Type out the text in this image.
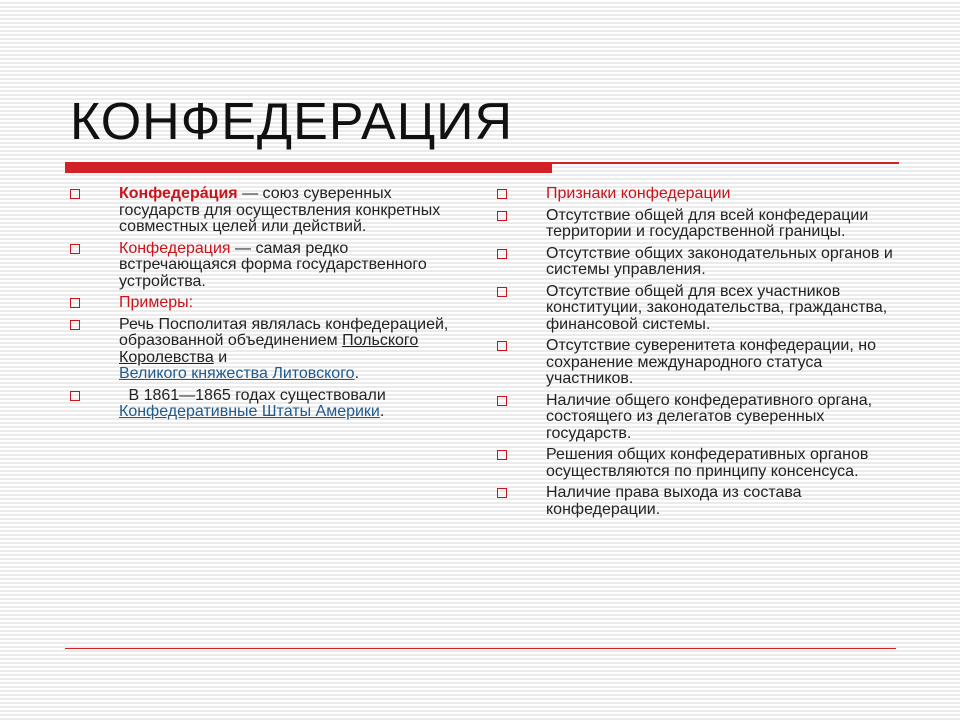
КОНФЕДЕРАЦИЯ
Конфедера́ция — союз суверенных государств для осуществления конкретных совместных целей или действий.
Конфедерация — самая редко встречающаяся форма государственного устройства.
Примеры:
Речь Посполитая являлась конфедерацией, образованной объединением Польского Королевства и
Великого княжества Литовского.
В 1861—1865 годах существовали
Конфедеративные Штаты Америки.
Признаки конфедерации
Отсутствие общей для всей конфедерации территории и государственной границы.
Отсутствие общих законодательных органов и системы управления.
Отсутствие общей для всех участников конституции, законодательства, гражданства, финансовой системы.
Отсутствие суверенитета конфедерации, но сохранение международного статуса участников.
Наличие общего конфедеративного органа, состоящего из делегатов суверенных государств.
Решения общих конфедеративных органов осуществляются по принципу консенсуса.
Наличие права выхода из состава конфедерации.
